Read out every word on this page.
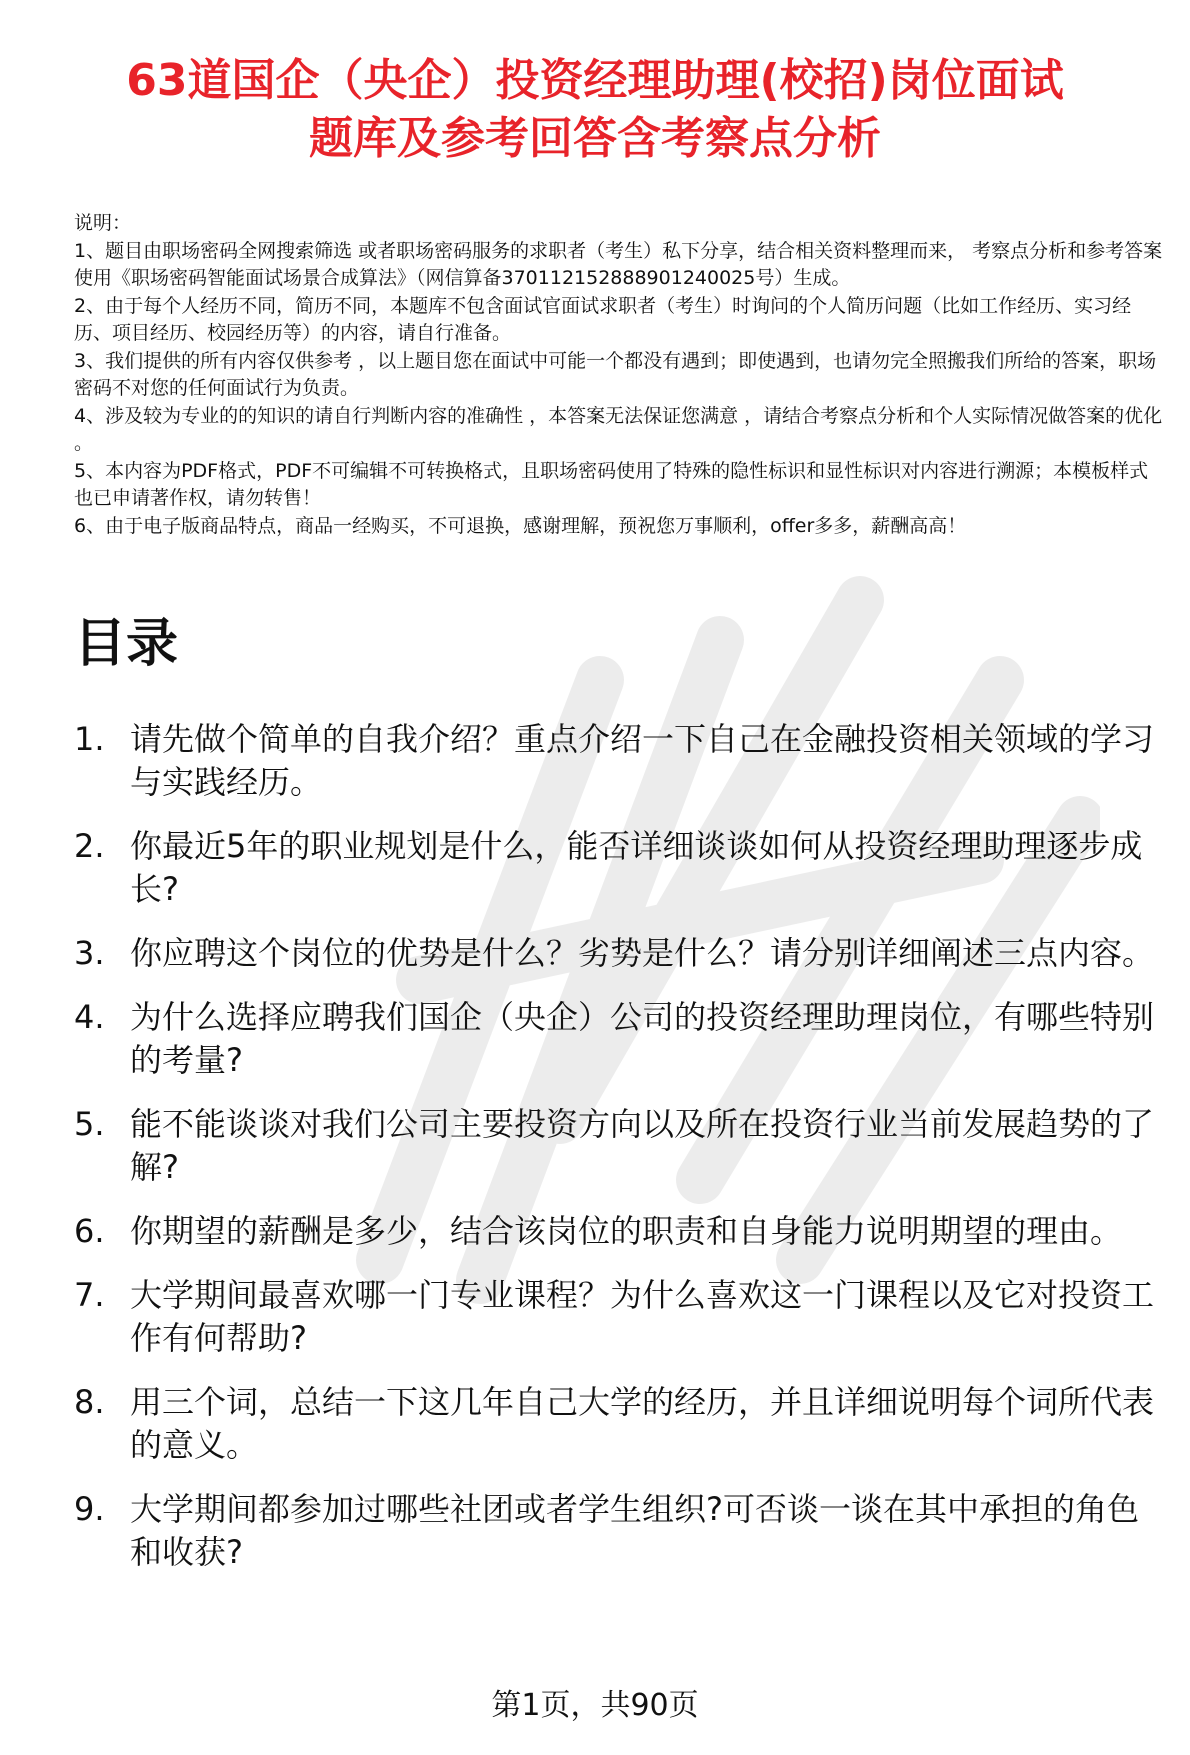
63道国企（央企）投资经理助理(校招)岗位面试
题库及参考回答含考察点分析

说明：

1、题目由职场密码全网搜索筛选 或者职场密码服务的求职者（考生）私下分享，结合相关资料整理而来， 考察点分析和参考答案使用《职场密码智能面试场景合成算法》（网信算备370112152888901240025号）生成。

2、由于每个人经历不同，简历不同，本题库不包含面试官面试求职者（考生）时询问的个人简历问题（比如工作经历、实习经历、项目经历、校园经历等）的内容，请自行准备。

3、我们提供的所有内容仅供参考 ，以上题目您在面试中可能一个都没有遇到；即使遇到，也请勿完全照搬我们所给的答案，职场密码不对您的任何面试行为负责。

4、涉及较为专业的的知识的请自行判断内容的准确性 ，本答案无法保证您满意 ，请结合考察点分析和个人实际情况做答案的优化 。

5、本内容为PDF格式，PDF不可编辑不可转换格式，且职场密码使用了特殊的隐性标识和显性标识对内容进行溯源；本模板样式也已申请著作权，请勿转售！

6、由于电子版商品特点，商品一经购买，不可退换，感谢理解，预祝您万事顺利，offer多多，薪酬高高！

目录
1. 请先做个简单的自我介绍？重点介绍一下自己在金融投资相关领域的学习与实践经历。
2. 你最近5年的职业规划是什么，能否详细谈谈如何从投资经理助理逐步成长?
3. 你应聘这个岗位的优势是什么？劣势是什么？请分别详细阐述三点内容。
4. 为什么选择应聘我们国企（央企）公司的投资经理助理岗位，有哪些特别的考量?
5. 能不能谈谈对我们公司主要投资方向以及所在投资行业当前发展趋势的了解?
6. 你期望的薪酬是多少，结合该岗位的职责和自身能力说明期望的理由。
7. 大学期间最喜欢哪一门专业课程？为什么喜欢这一门课程以及它对投资工作有何帮助?
8. 用三个词，总结一下这几年自己大学的经历，并且详细说明每个词所代表的意义。
9. 大学期间都参加过哪些社团或者学生组织?可否谈一谈在其中承担的角色和收获?
第1页，共90页
